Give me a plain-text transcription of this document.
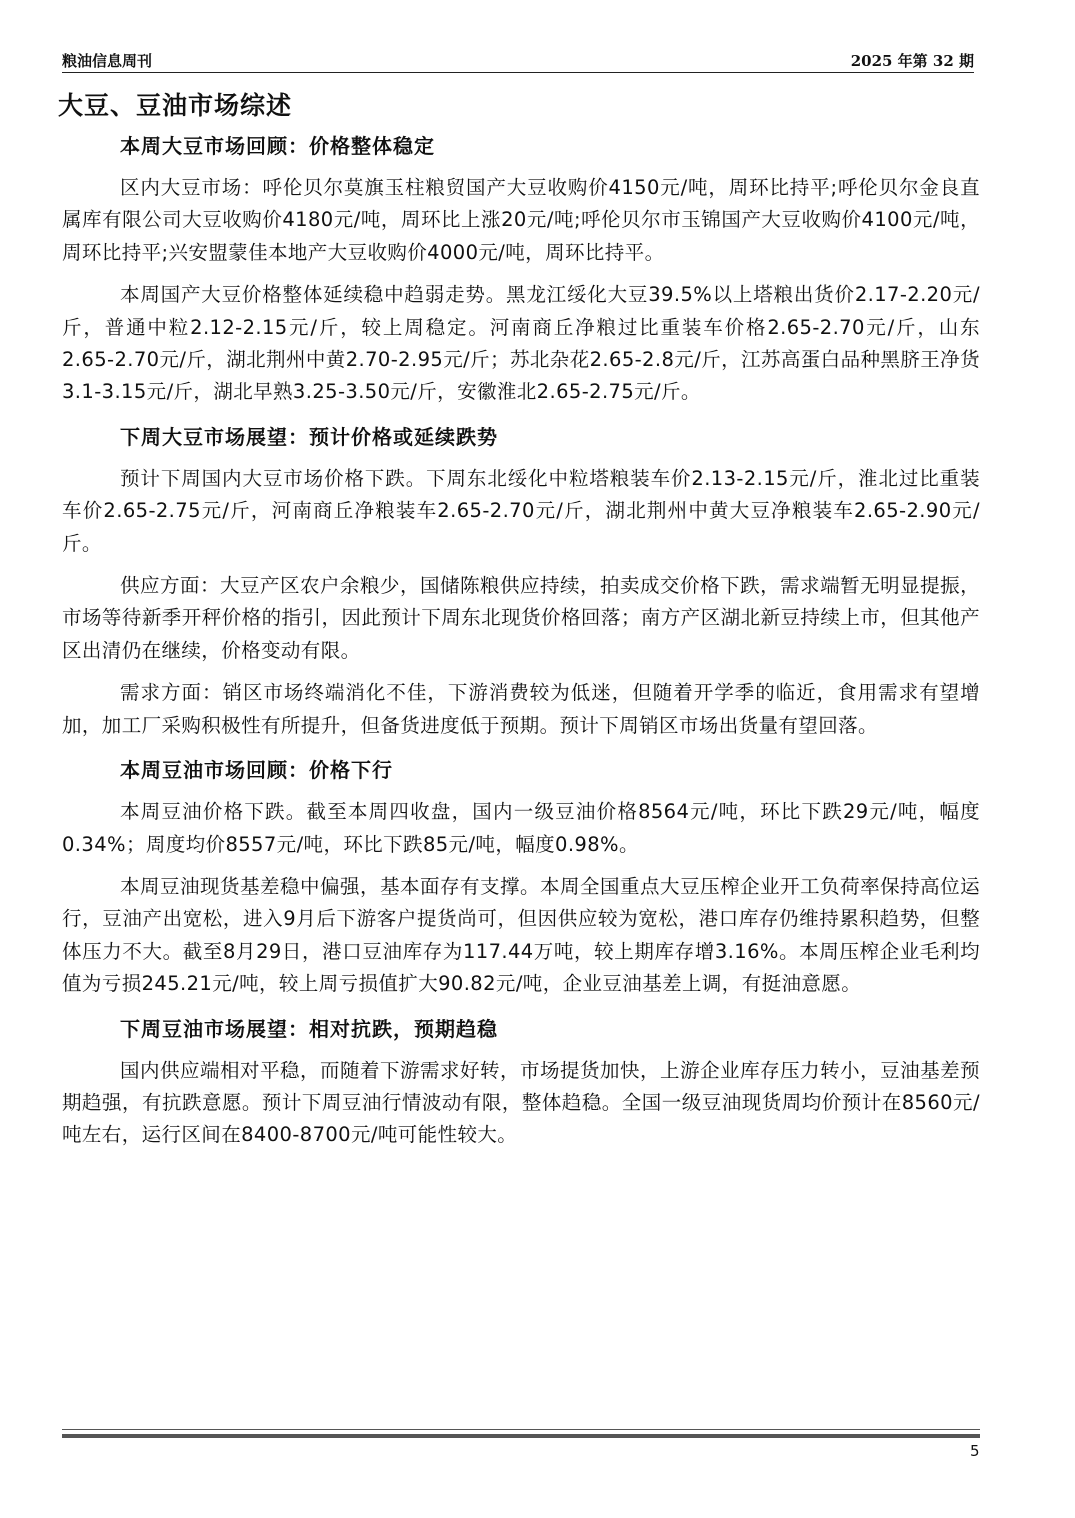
粮油信息周刊	2025 年第 32 期
大豆、豆油市场综述
本周大豆市场回顾：价格整体稳定

区内大豆市场：呼伦贝尔莫旗玉柱粮贸国产大豆收购价4150元/吨，周环比持平;呼伦贝尔金良直属库有限公司大豆收购价4180元/吨，周环比上涨20元/吨;呼伦贝尔市玉锦国产大豆收购价4100元/吨，周环比持平;兴安盟蒙佳本地产大豆收购价4000元/吨，周环比持平。

本周国产大豆价格整体延续稳中趋弱走势。黑龙江绥化大豆39.5%以上塔粮出货价2.17-2.20元/斤，普通中粒2.12-2.15元/斤，较上周稳定。河南商丘净粮过比重装车价格2.65-2.70元/斤，山东2.65-2.70元/斤，湖北荆州中黄2.70-2.95元/斤；苏北杂花2.65-2.8元/斤，江苏高蛋白品种黑脐王净货3.1-3.15元/斤，湖北早熟3.25-3.50元/斤，安徽淮北2.65-2.75元/斤。

下周大豆市场展望：预计价格或延续跌势

预计下周国内大豆市场价格下跌。下周东北绥化中粒塔粮装车价2.13-2.15元/斤，淮北过比重装车价2.65-2.75元/斤，河南商丘净粮装车2.65-2.70元/斤，湖北荆州中黄大豆净粮装车2.65-2.90元/斤。

供应方面：大豆产区农户余粮少，国储陈粮供应持续，拍卖成交价格下跌，需求端暂无明显提振，市场等待新季开秤价格的指引，因此预计下周东北现货价格回落；南方产区湖北新豆持续上市，但其他产区出清仍在继续，价格变动有限。

需求方面：销区市场终端消化不佳，下游消费较为低迷，但随着开学季的临近，食用需求有望增加，加工厂采购积极性有所提升，但备货进度低于预期。预计下周销区市场出货量有望回落。

本周豆油市场回顾：价格下行

本周豆油价格下跌。截至本周四收盘，国内一级豆油价格8564元/吨，环比下跌29元/吨，幅度0.34%；周度均价8557元/吨，环比下跌85元/吨，幅度0.98%。

本周豆油现货基差稳中偏强，基本面存有支撑。本周全国重点大豆压榨企业开工负荷率保持高位运行，豆油产出宽松，进入9月后下游客户提货尚可，但因供应较为宽松，港口库存仍维持累积趋势，但整体压力不大。截至8月29日，港口豆油库存为117.44万吨，较上期库存增3.16%。本周压榨企业毛利均值为亏损245.21元/吨，较上周亏损值扩大90.82元/吨，企业豆油基差上调，有挺油意愿。

下周豆油市场展望：相对抗跌，预期趋稳

国内供应端相对平稳，而随着下游需求好转，市场提货加快，上游企业库存压力转小，豆油基差预期趋强，有抗跌意愿。预计下周豆油行情波动有限，整体趋稳。全国一级豆油现货周均价预计在8560元/吨左右，运行区间在8400-8700元/吨可能性较大。

5
